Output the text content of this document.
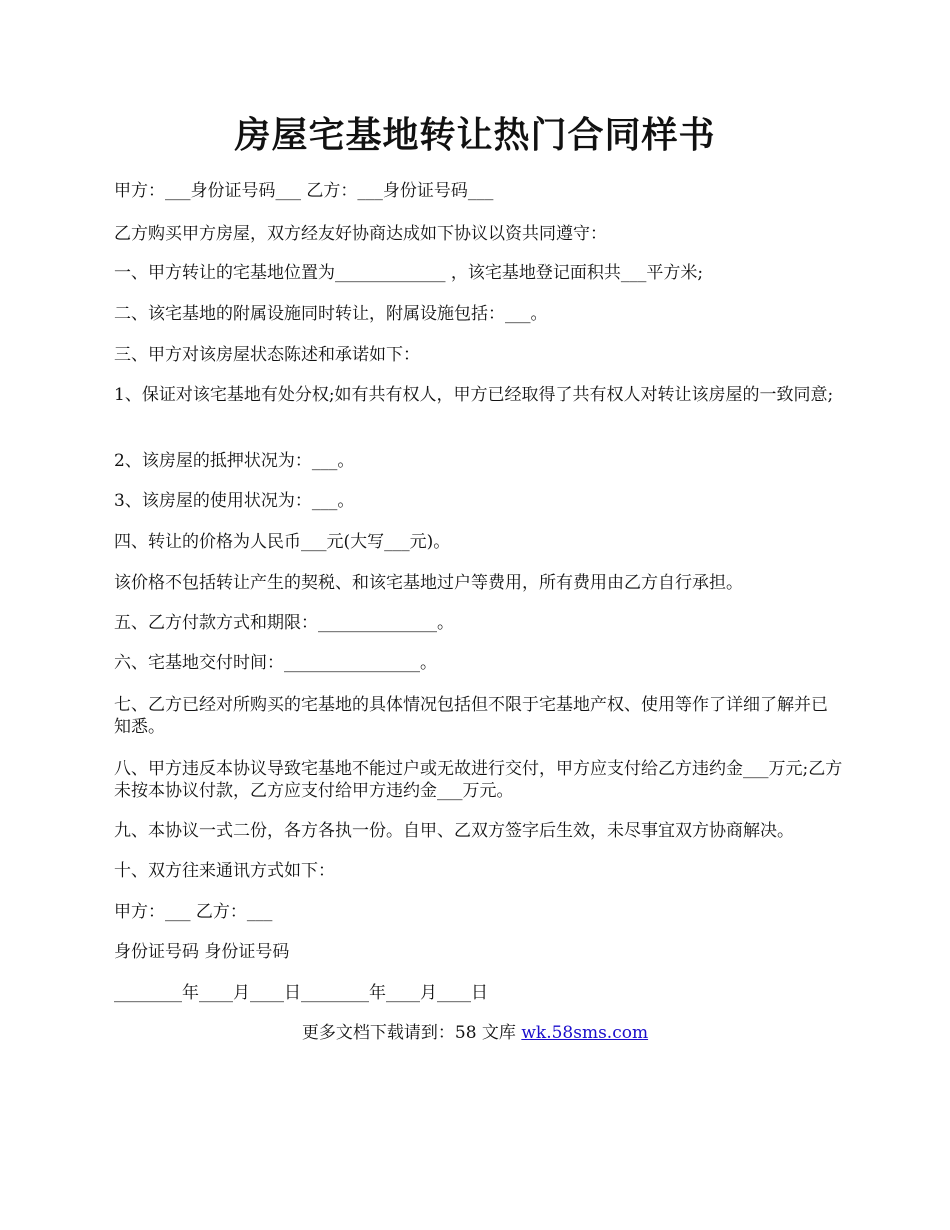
房屋宅基地转让热门合同样书
甲方：___身份证号码___ 乙方：___身份证号码___
乙方购买甲方房屋，双方经友好协商达成如下协议以资共同遵守：
一、甲方转让的宅基地位置为_____________ ，该宅基地登记面积共___平方米;
二、该宅基地的附属设施同时转让，附属设施包括：___。
三、甲方对该房屋状态陈述和承诺如下：
1、保证对该宅基地有处分权;如有共有权人，甲方已经取得了共有权人对转让该房屋的一致同意;
2、该房屋的抵押状况为：___。
3、该房屋的使用状况为：___。
四、转让的价格为人民币___元(大写___元)。
该价格不包括转让产生的契税、和该宅基地过户等费用，所有费用由乙方自行承担。
五、乙方付款方式和期限：______________。
六、宅基地交付时间：________________。
七、乙方已经对所购买的宅基地的具体情况包括但不限于宅基地产权、使用等作了详细了解并已知悉。
八、甲方违反本协议导致宅基地不能过户或无故进行交付，甲方应支付给乙方违约金___万元;乙方未按本协议付款，乙方应支付给甲方违约金___万元。
九、本协议一式二份，各方各执一份。自甲、乙双方签字后生效，未尽事宜双方协商解决。
十、双方往来通讯方式如下：
甲方：___ 乙方：___
身份证号码 身份证号码
________年____月____日________年____月____日
更多文档下载请到：58 文库 wk.58sms.com
